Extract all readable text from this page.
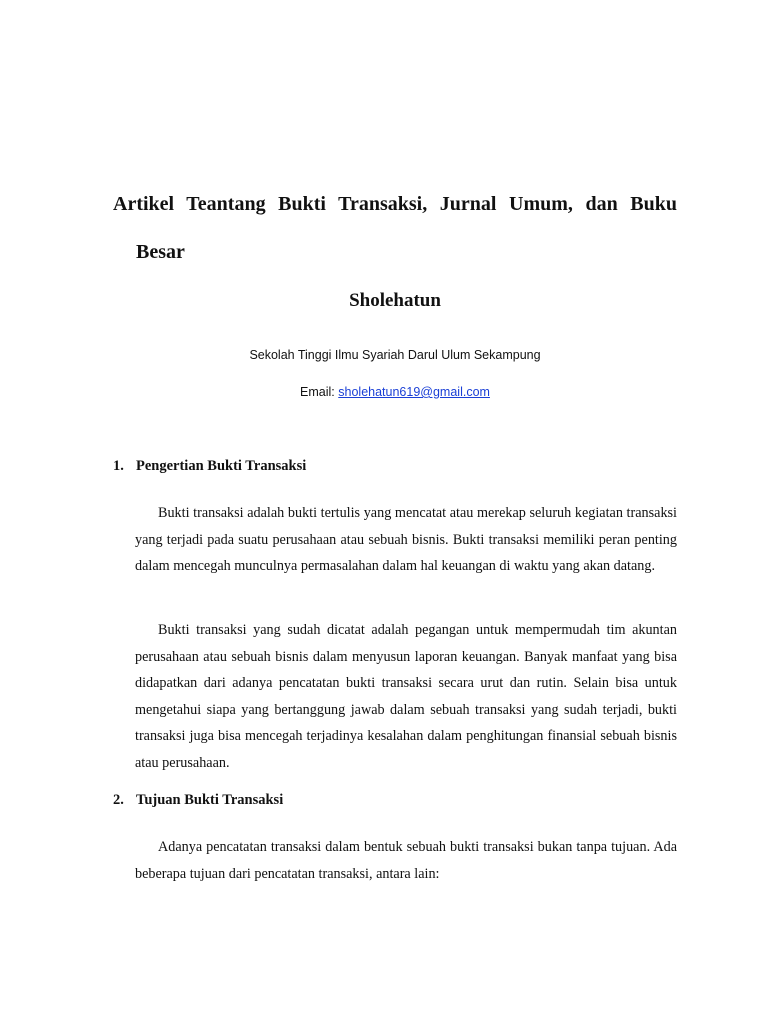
Artikel Teantang Bukti Transaksi, Jurnal Umum, dan Buku
Besar
Sholehatun
Sekolah Tinggi Ilmu Syariah Darul Ulum Sekampung
Email: sholehatun619@gmail.com
1. Pengertian Bukti Transaksi

Bukti transaksi adalah bukti tertulis yang mencatat atau merekap seluruh kegiatan transaksi yang terjadi pada suatu perusahaan atau sebuah bisnis. Bukti transaksi memiliki peran penting dalam mencegah munculnya permasalahan dalam hal keuangan di waktu yang akan datang.

Bukti transaksi yang sudah dicatat adalah pegangan untuk mempermudah tim akuntan perusahaan atau sebuah bisnis dalam menyusun laporan keuangan. Banyak manfaat yang bisa didapatkan dari adanya pencatatan bukti transaksi secara urut dan rutin. Selain bisa untuk mengetahui siapa yang bertanggung jawab dalam sebuah transaksi yang sudah terjadi, bukti transaksi juga bisa mencegah terjadinya kesalahan dalam penghitungan finansial sebuah bisnis atau perusahaan.

2. Tujuan Bukti Transaksi

Adanya pencatatan transaksi dalam bentuk sebuah bukti transaksi bukan tanpa tujuan. Ada beberapa tujuan dari pencatatan transaksi, antara lain:
